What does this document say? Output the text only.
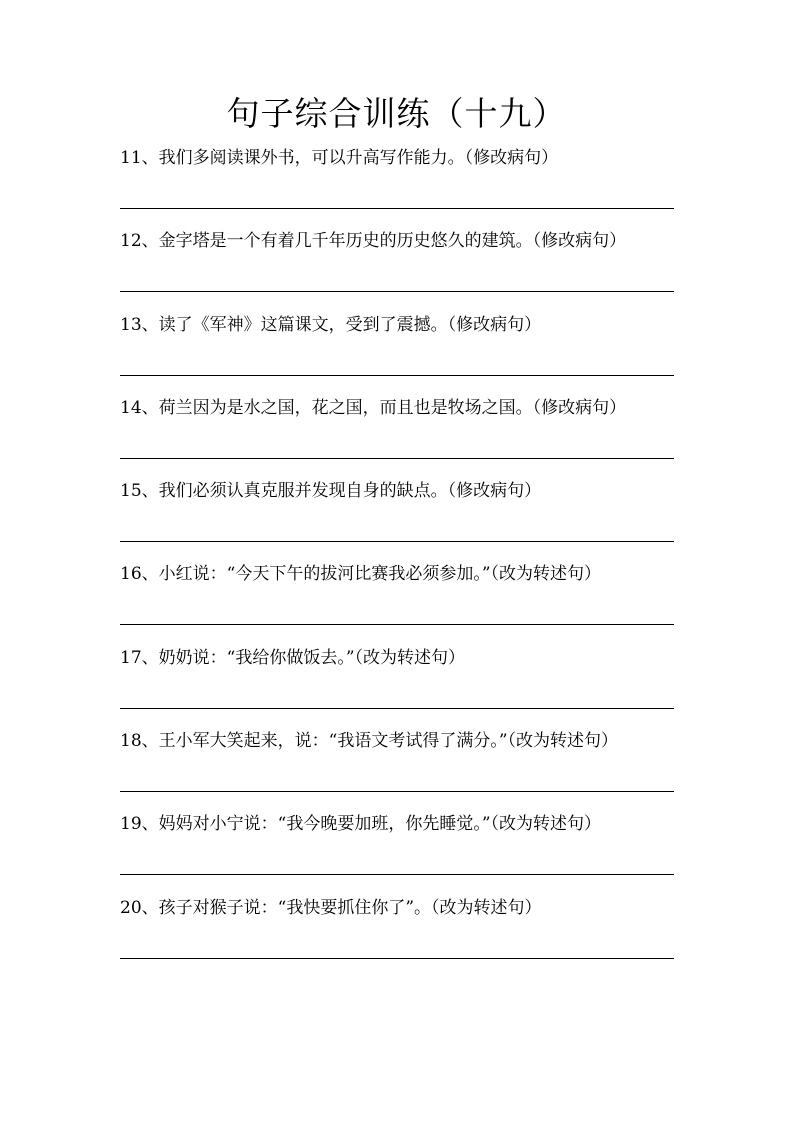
句子综合训练（十九）
11、我们多阅读课外书，可以升高写作能力。（修改病句）
12、金字塔是一个有着几千年历史的历史悠久的建筑。（修改病句）
13、读了《军神》这篇课文，受到了震撼。（修改病句）
14、荷兰因为是水之国，花之国，而且也是牧场之国。（修改病句）
15、我们必须认真克服并发现自身的缺点。（修改病句）
16、小红说：“今天下午的拔河比赛我必须参加。”（改为转述句）
17、奶奶说：“我给你做饭去。”（改为转述句）
18、王小军大笑起来，说：“我语文考试得了满分。”（改为转述句）
19、妈妈对小宁说：“我今晚要加班，你先睡觉。”（改为转述句）
20、孩子对猴子说：“我快要抓住你了”。（改为转述句）
